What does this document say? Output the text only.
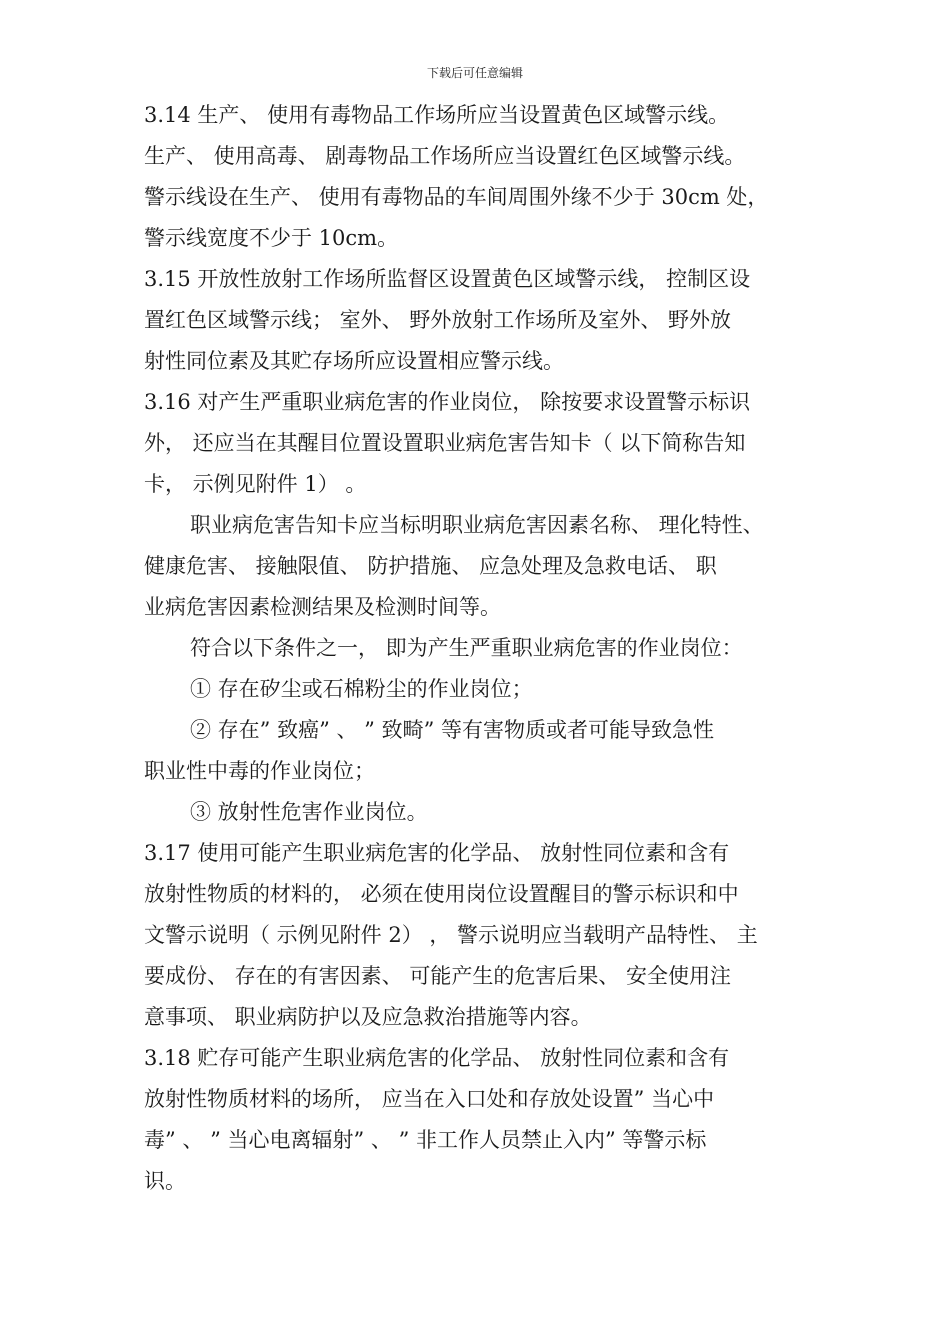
下载后可任意编辑
3.14 生产、 使用有毒物品工作场所应当设置黄色区域警示线。
生产、 使用高毒、 剧毒物品工作场所应当设置红色区域警示线。
警示线设在生产、 使用有毒物品的车间周围外缘不少于 30cm 处，
警示线宽度不少于 10cm。
3.15 开放性放射工作场所监督区设置黄色区域警示线， 控制区设
置红色区域警示线； 室外、 野外放射工作场所及室外、 野外放
射性同位素及其贮存场所应设置相应警示线。
3.16 对产生严重职业病危害的作业岗位， 除按要求设置警示标识
外， 还应当在其醒目位置设置职业病危害告知卡（ 以下简称告知
卡， 示例见附件 1） 。
职业病危害告知卡应当标明职业病危害因素名称、 理化特性、
健康危害、 接触限值、 防护措施、 应急处理及急救电话、 职
业病危害因素检测结果及检测时间等。
符合以下条件之一， 即为产生严重职业病危害的作业岗位：
① 存在矽尘或石棉粉尘的作业岗位；
② 存在” 致癌” 、 ” 致畸” 等有害物质或者可能导致急性
职业性中毒的作业岗位；
③ 放射性危害作业岗位。
3.17 使用可能产生职业病危害的化学品、 放射性同位素和含有
放射性物质的材料的， 必须在使用岗位设置醒目的警示标识和中
文警示说明（ 示例见附件 2） ， 警示说明应当载明产品特性、 主
要成份、 存在的有害因素、 可能产生的危害后果、 安全使用注
意事项、 职业病防护以及应急救治措施等内容。
3.18 贮存可能产生职业病危害的化学品、 放射性同位素和含有
放射性物质材料的场所， 应当在入口处和存放处设置” 当心中
毒” 、 ” 当心电离辐射” 、 ” 非工作人员禁止入内” 等警示标
识。
